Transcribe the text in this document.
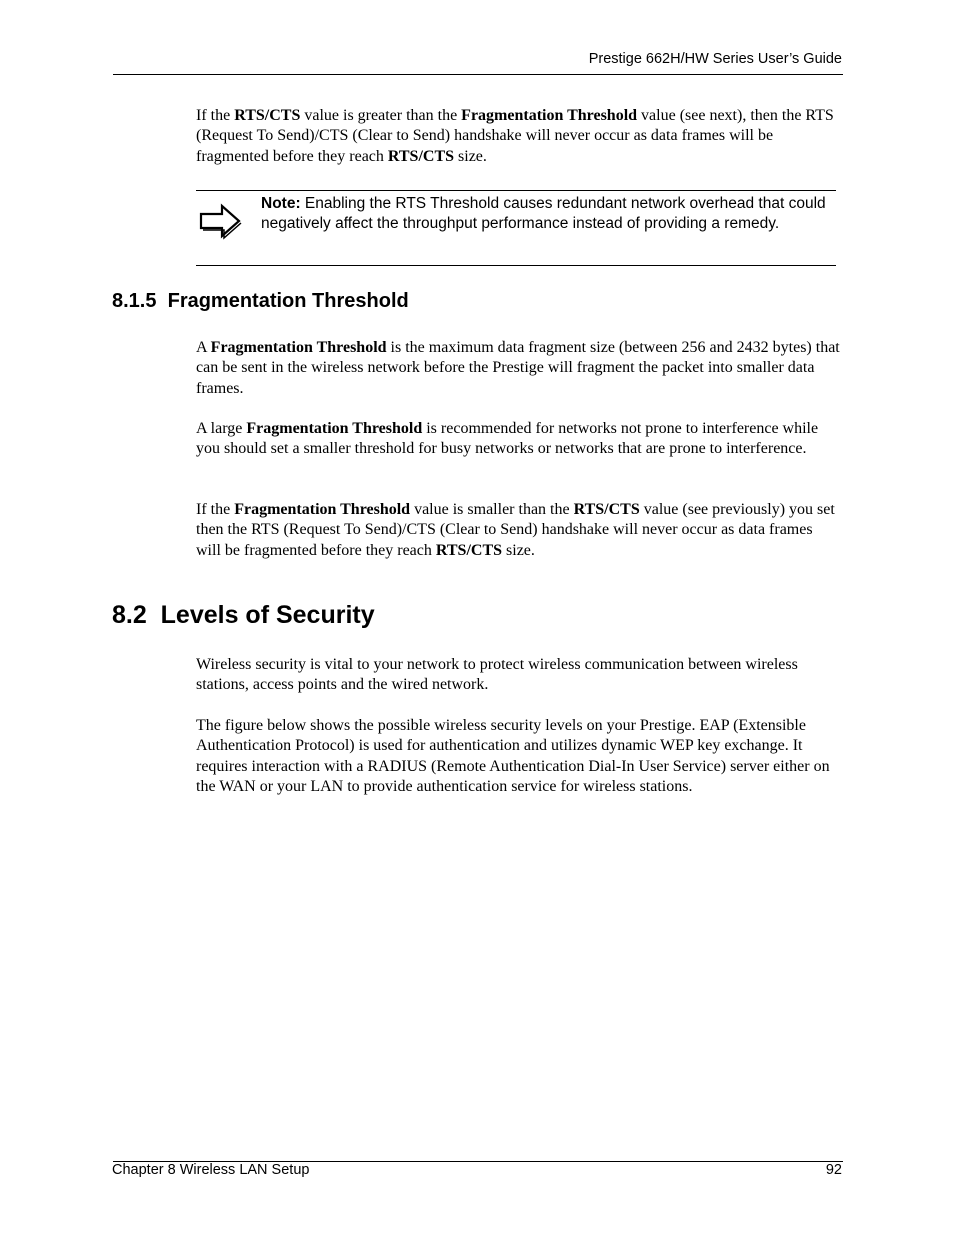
Prestige 662H/HW Series User’s Guide

If the RTS/CTS value is greater than the Fragmentation Threshold value (see next), then the RTS (Request To Send)/CTS (Clear to Send) handshake will never occur as data frames will be fragmented before they reach RTS/CTS size.

Note: Enabling the RTS Threshold causes redundant network overhead that could negatively affect the throughput performance instead of providing a remedy.
8.1.5  Fragmentation Threshold

A Fragmentation Threshold is the maximum data fragment size (between 256 and 2432 bytes) that can be sent in the wireless network before the Prestige will fragment the packet into smaller data frames.

A large Fragmentation Threshold is recommended for networks not prone to interference while you should set a smaller threshold for busy networks or networks that are prone to interference.

If the Fragmentation Threshold value is smaller than the RTS/CTS value (see previously) you set then the RTS (Request To Send)/CTS (Clear to Send) handshake will never occur as data frames will be fragmented before they reach RTS/CTS size.

8.2  Levels of Security

Wireless security is vital to your network to protect wireless communication between wireless stations, access points and the wired network.

The figure below shows the possible wireless security levels on your Prestige. EAP (Extensible Authentication Protocol) is used for authentication and utilizes dynamic WEP key exchange. It requires interaction with a RADIUS (Remote Authentication Dial-In User Service) server either on the WAN or your LAN to provide authentication service for wireless stations.

Chapter 8 Wireless LAN Setup	92
